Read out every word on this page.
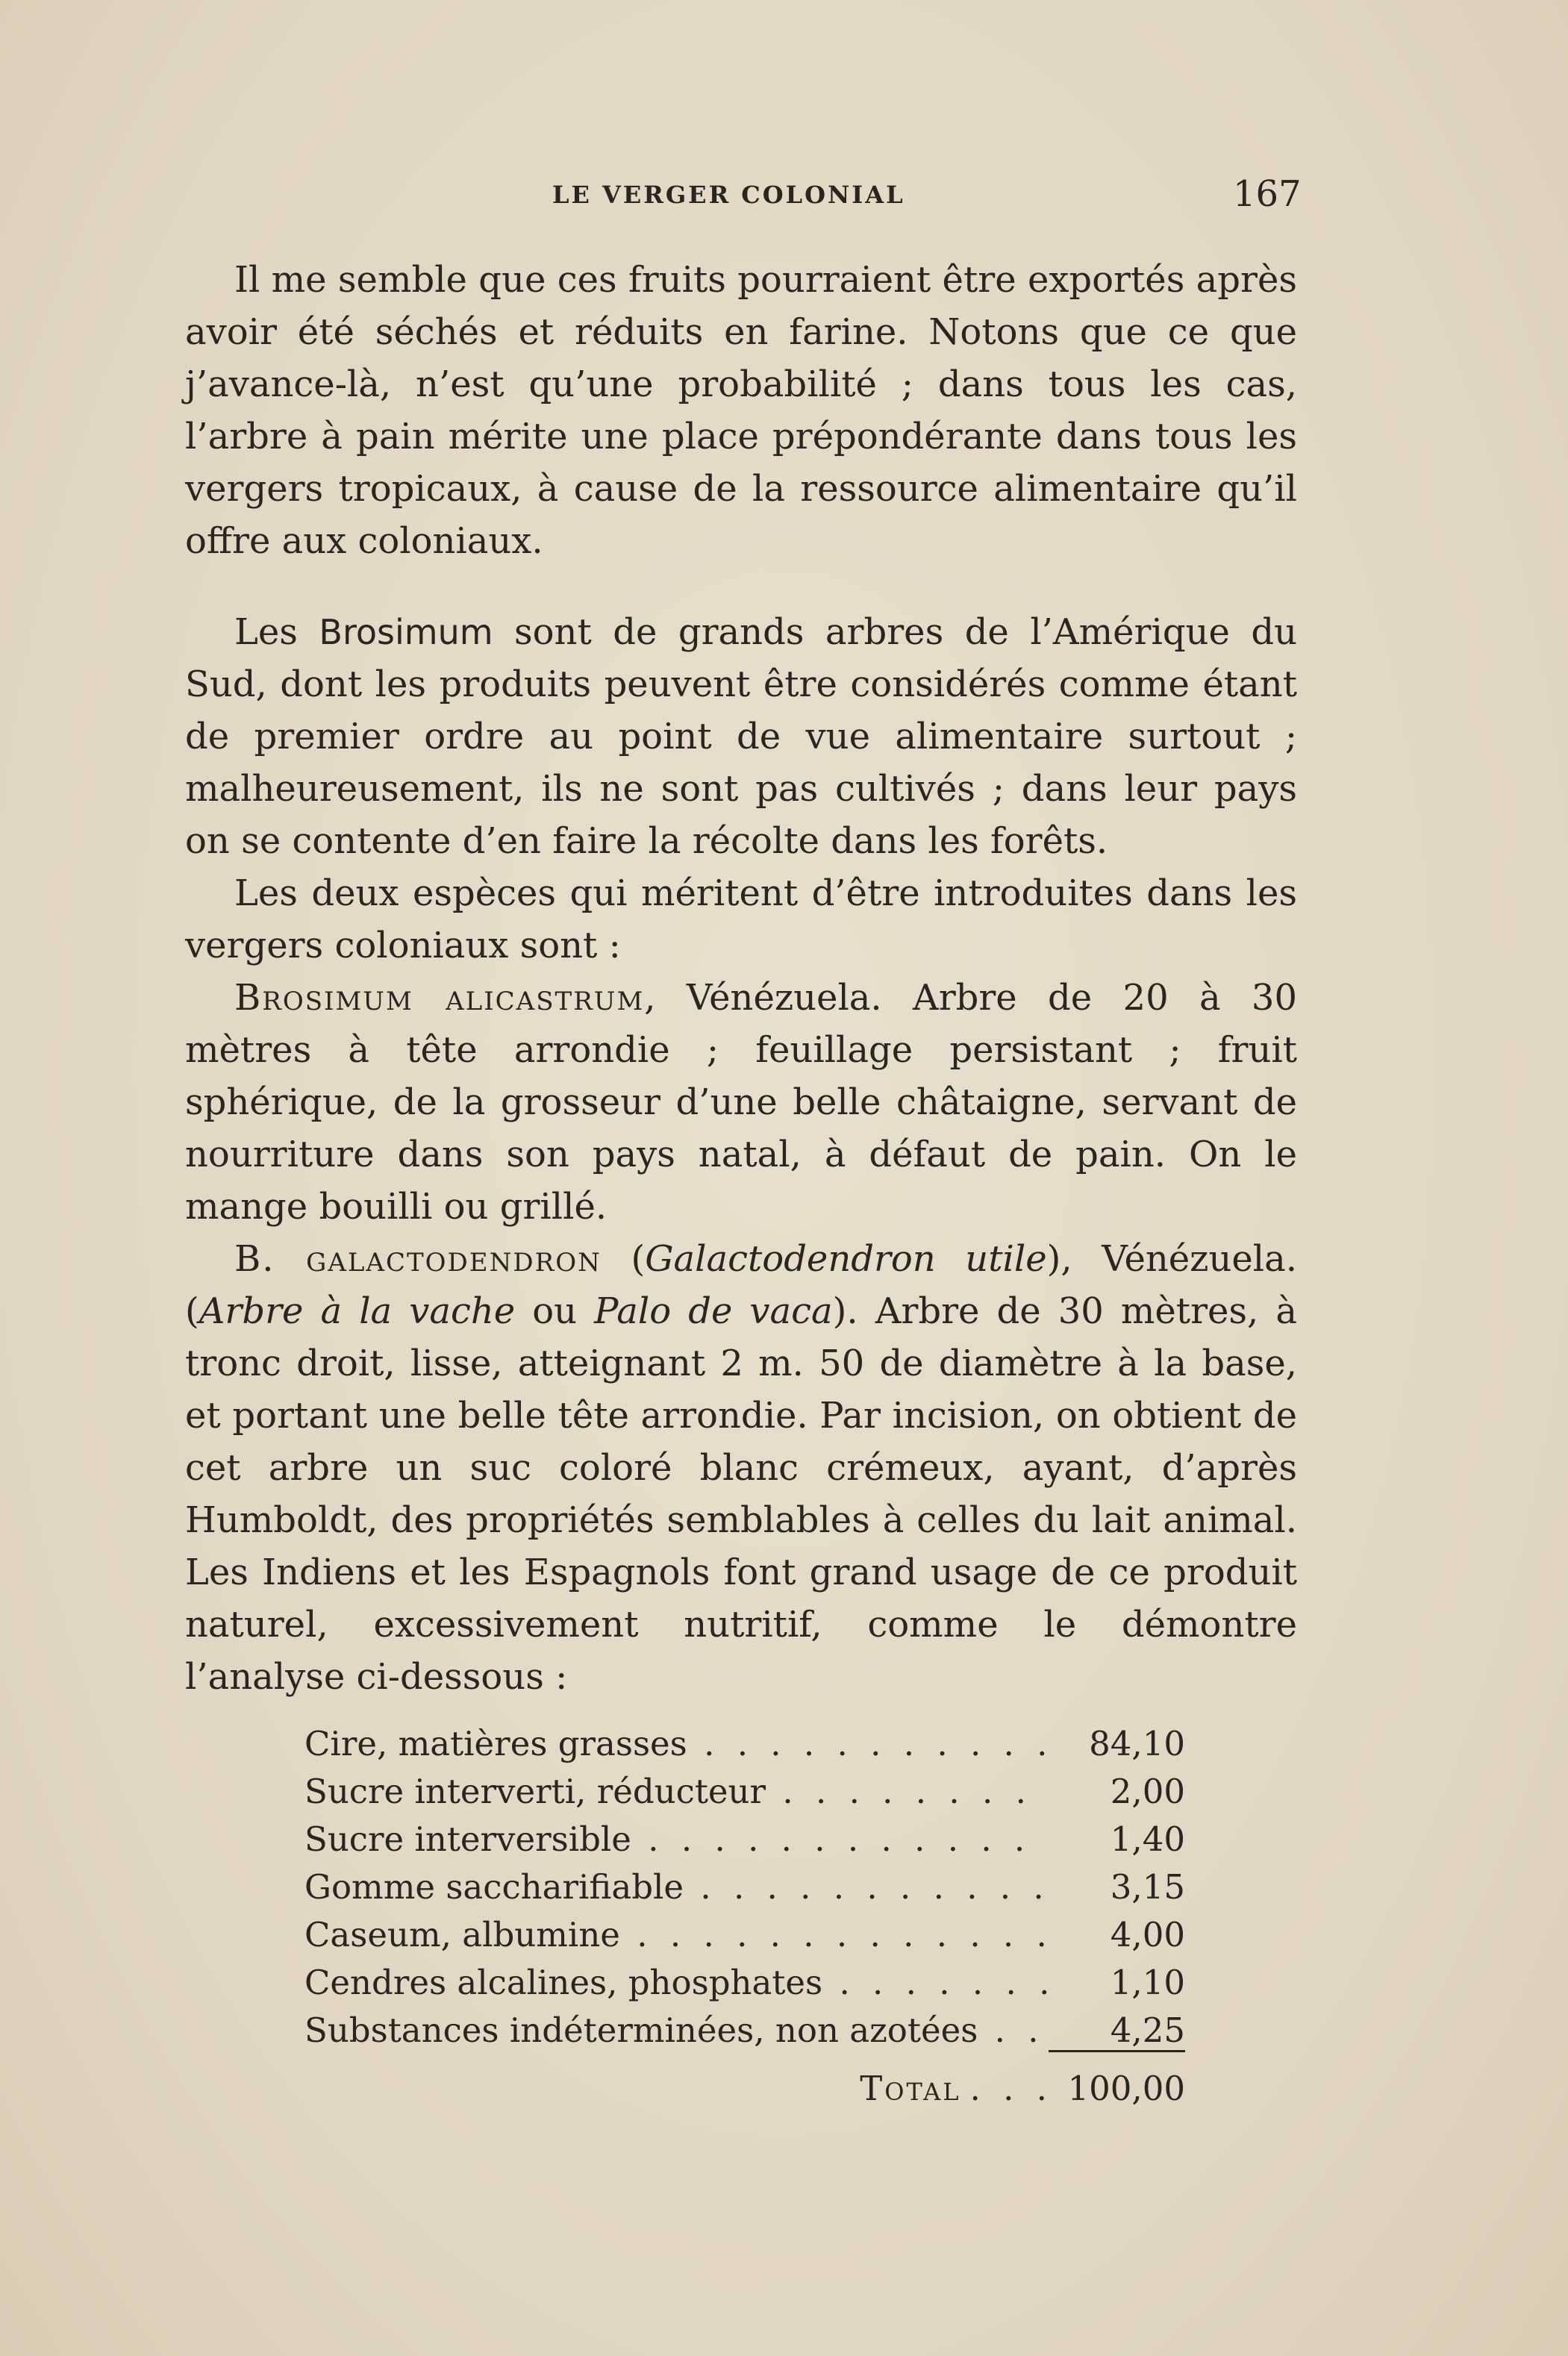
LE VERGER COLONIAL	167

Il me semble que ces fruits pourraient être exportés après avoir été séchés et réduits en farine. Notons que ce que j’avance-là, n’est qu’une probabilité ; dans tous les cas, l’arbre à pain mérite une place prépondérante dans tous les vergers tropicaux, à cause de la ressource alimentaire qu’il offre aux coloniaux.

Les Brosimum sont de grands arbres de l’Amérique du Sud, dont les produits peuvent être considérés comme étant de premier ordre au point de vue alimentaire surtout ; malheureusement, ils ne sont pas cultivés ; dans leur pays on se contente d’en faire la récolte dans les forêts.

Les deux espèces qui méritent d’être introduites dans les vergers coloniaux sont :

Brosimum alicastrum, Vénézuela. Arbre de 20 à 30 mètres à tête arrondie ; feuillage persistant ; fruit sphérique, de la grosseur d’une belle châtaigne, servant de nourriture dans son pays natal, à défaut de pain. On le mange bouilli ou grillé.

B. galactodendron (Galactodendron utile), Vénézuela. (Arbre à la vache ou Palo de vaca). Arbre de 30 mètres, à tronc droit, lisse, atteignant 2 m. 50 de diamètre à la base, et portant une belle tête arrondie. Par incision, on obtient de cet arbre un suc coloré blanc crémeux, ayant, d’après Humboldt, des propriétés semblables à celles du lait animal. Les Indiens et les Espagnols font grand usage de ce produit naturel, excessivement nutritif, comme le démontre l’analyse ci-dessous :

Cire, matières grasses . . .	84,10
Sucre interverti, réducteur . . .	2,00
Sucre interversible . . .	1,40
Gomme saccharifiable . . .	3,15
Caseum, albumine . . .	4,00
Cendres alcalines, phosphates . . .	1,10
Substances indéterminées, non azotées . . .	4,25
Total . . . 100,00
